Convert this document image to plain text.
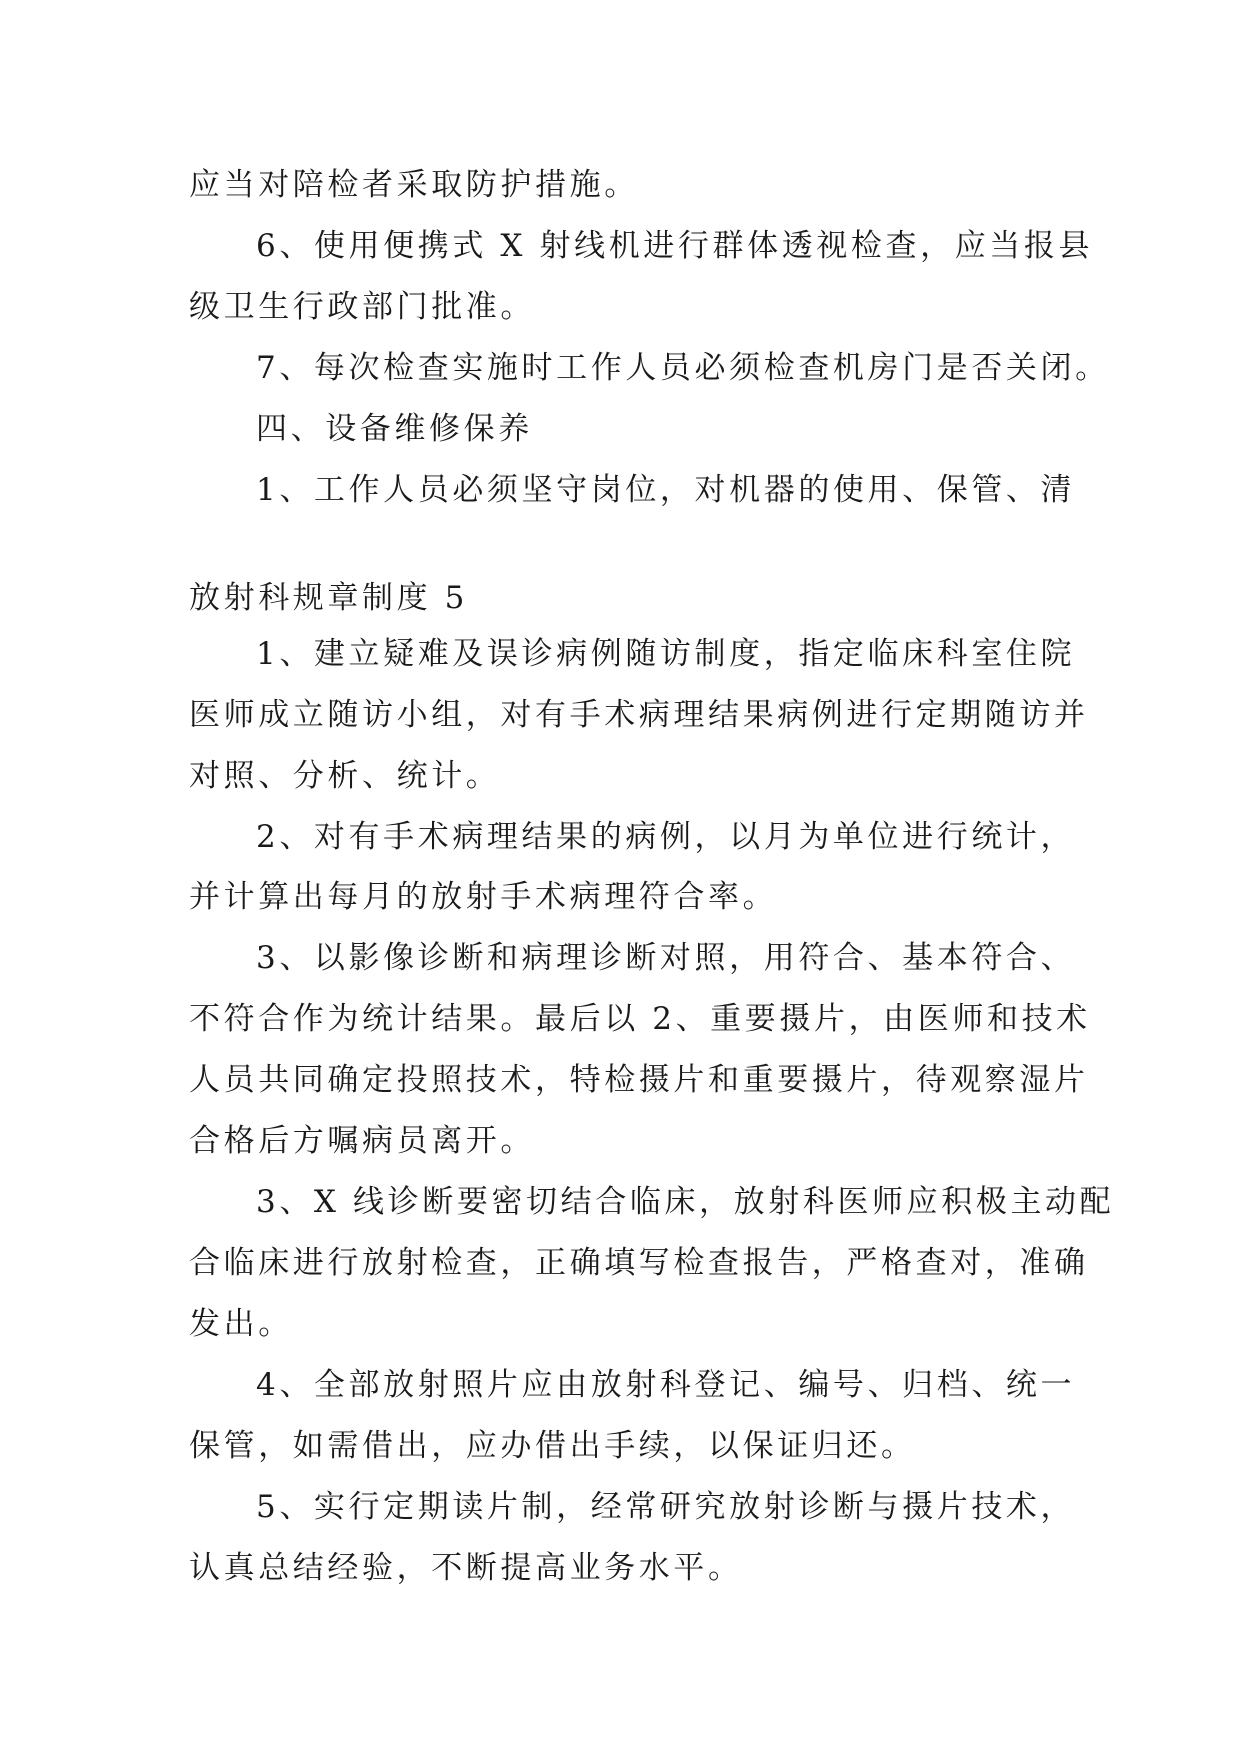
应当对陪检者采取防护措施。

6、使用便携式 X 射线机进行群体透视检查，应当报县

级卫生行政部门批准。

7、每次检查实施时工作人员必须检查机房门是否关闭。

四、设备维修保养

1、工作人员必须坚守岗位，对机器的使用、保管、清

放射科规章制度 5

1、建立疑难及误诊病例随访制度，指定临床科室住院

医师成立随访小组，对有手术病理结果病例进行定期随访并

对照、分析、统计。

2、对有手术病理结果的病例，以月为单位进行统计，

并计算出每月的放射手术病理符合率。

3、以影像诊断和病理诊断对照，用符合、基本符合、

不符合作为统计结果。最后以 2、重要摄片，由医师和技术

人员共同确定投照技术，特检摄片和重要摄片，待观察湿片

合格后方嘱病员离开。

3、X 线诊断要密切结合临床，放射科医师应积极主动配

合临床进行放射检查，正确填写检查报告，严格查对，准确

发出。

4、全部放射照片应由放射科登记、编号、归档、统一

保管，如需借出，应办借出手续，以保证归还。

5、实行定期读片制，经常研究放射诊断与摄片技术，

认真总结经验，不断提高业务水平。
